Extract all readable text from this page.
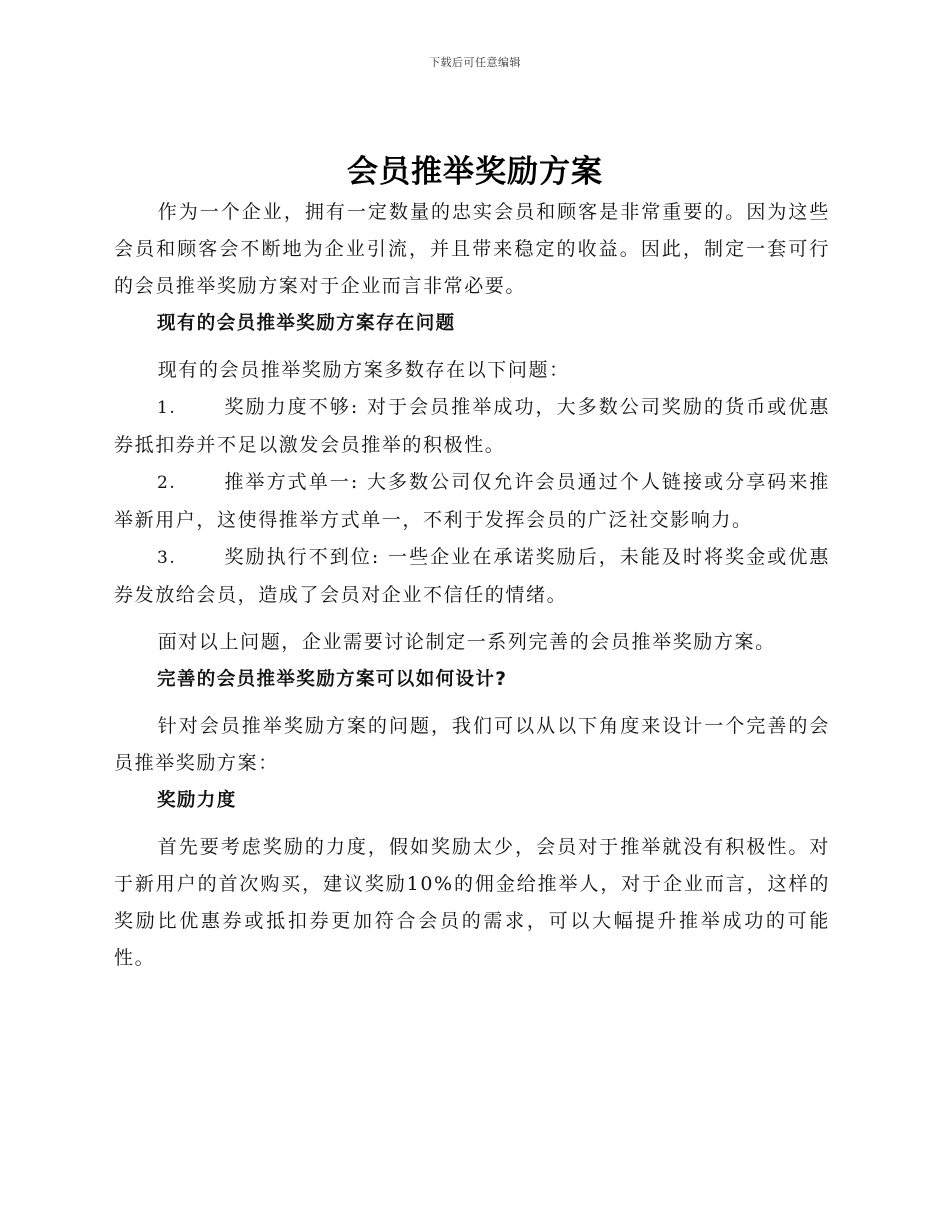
下载后可任意编辑
会员推举奖励方案

作为一个企业，拥有一定数量的忠实会员和顾客是非常重要的。因为这些会员和顾客会不断地为企业引流，并且带来稳定的收益。因此，制定一套可行的会员推举奖励方案对于企业而言非常必要。

现有的会员推举奖励方案存在问题

现有的会员推举奖励方案多数存在以下问题：

1.	奖励力度不够: 对于会员推举成功，大多数公司奖励的货币或优惠券抵扣券并不足以激发会员推举的积极性。

2.	推举方式单一: 大多数公司仅允许会员通过个人链接或分享码来推举新用户，这使得推举方式单一，不利于发挥会员的广泛社交影响力。

3.	奖励执行不到位: 一些企业在承诺奖励后，未能及时将奖金或优惠券发放给会员，造成了会员对企业不信任的情绪。

面对以上问题，企业需要讨论制定一系列完善的会员推举奖励方案。

完善的会员推举奖励方案可以如何设计?

针对会员推举奖励方案的问题，我们可以从以下角度来设计一个完善的会员推举奖励方案：

奖励力度

首先要考虑奖励的力度，假如奖励太少，会员对于推举就没有积极性。对于新用户的首次购买，建议奖励10%的佣金给推举人，对于企业而言，这样的奖励比优惠券或抵扣券更加符合会员的需求，可以大幅提升推举成功的可能性。
